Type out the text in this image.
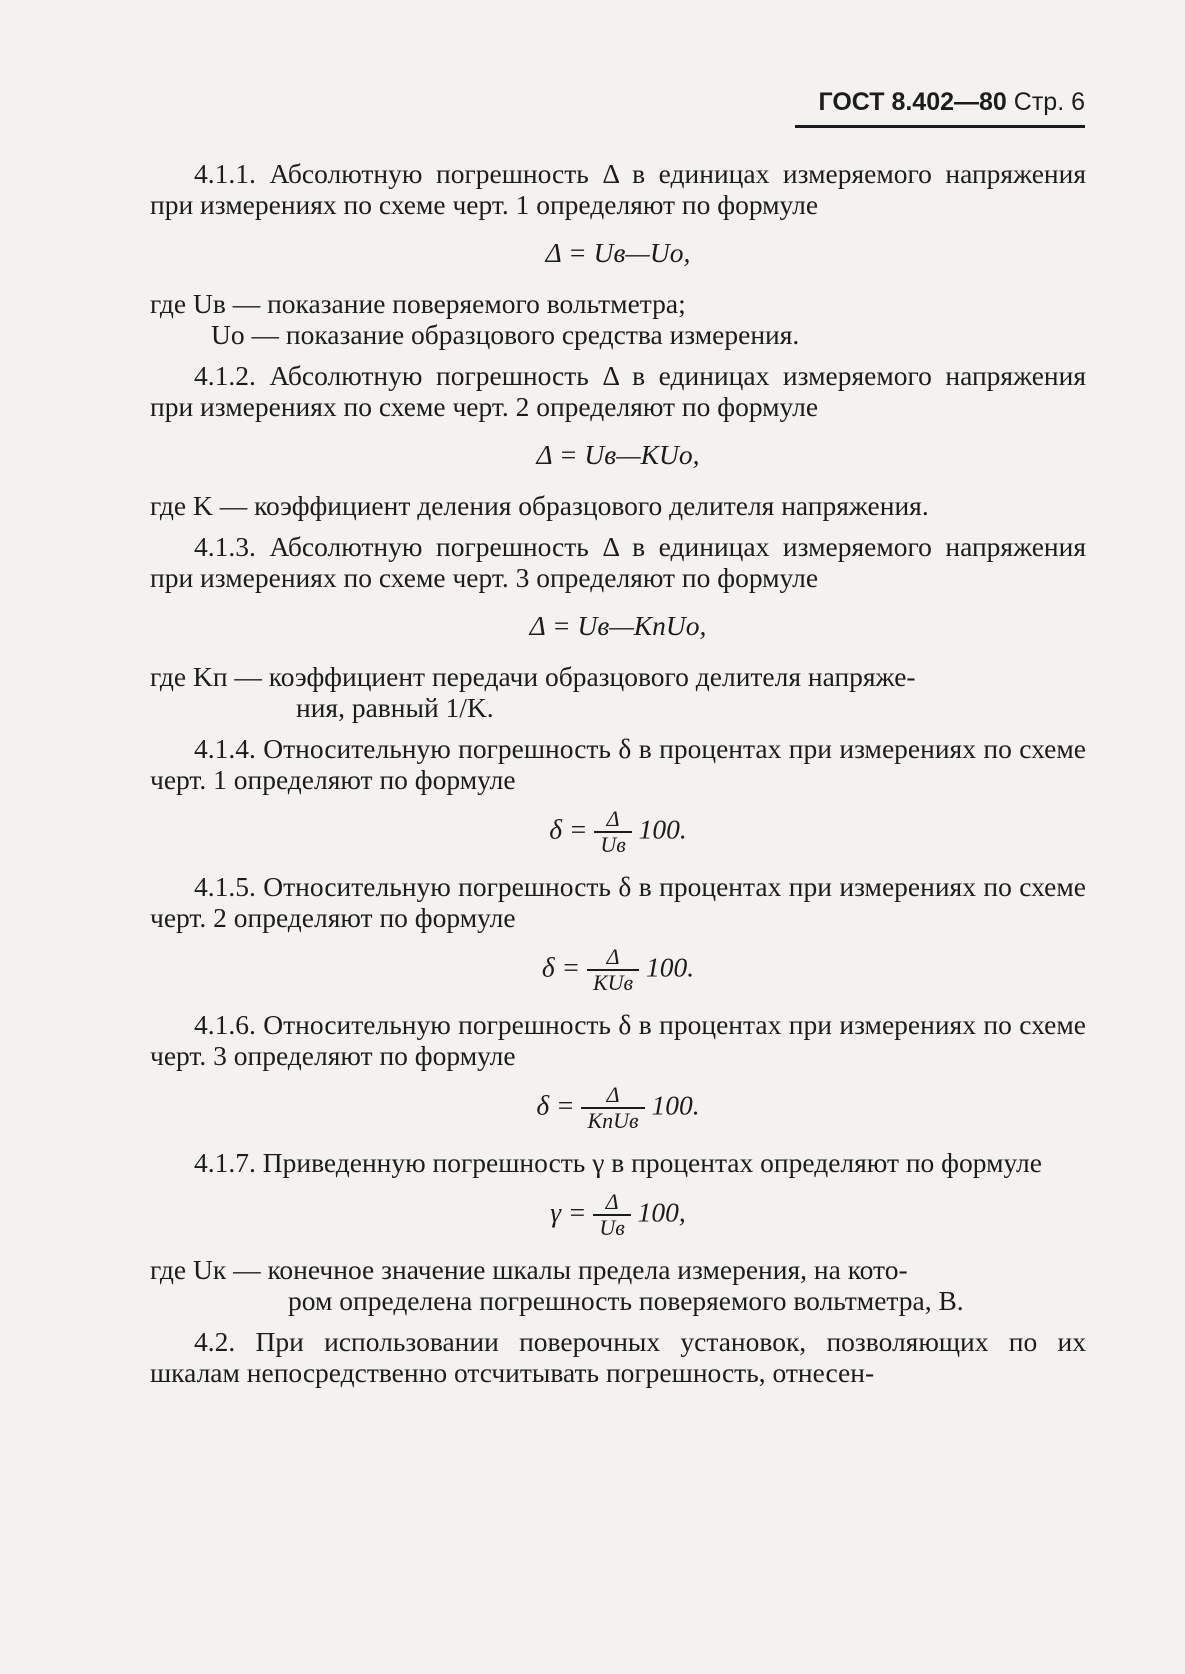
ГОСТ 8.402—80 Стр. 6

4.1.1. Абсолютную погрешность Δ в единицах измеряемого напряжения при измерениях по схеме черт. 1 определяют по формуле

Δ = Uв—Uо,

где Uв — показание поверяемого вольтметра;

Uо — показание образцового средства измерения.

4.1.2. Абсолютную погрешность Δ в единицах измеряемого напряжения при измерениях по схеме черт. 2 определяют по формуле

Δ = Uв—KUо,

где K — коэффициент деления образцового делителя напряжения.

4.1.3. Абсолютную погрешность Δ в единицах измеряемого напряжения при измерениях по схеме черт. 3 определяют по формуле

Δ = Uв—KпUо,

где Kп — коэффициент передачи образцового делителя напряже-

ния, равный 1/K.

4.1.4. Относительную погрешность δ в процентах при измерениях по схеме черт. 1 определяют по формуле

$\delta = \frac{\Delta}{Uв} 100$.

4.1.5. Относительную погрешность δ в процентах при измерениях по схеме черт. 2 определяют по формуле

$\delta = \frac{\Delta}{\text{KUв}} 100$.

4.1.6. Относительную погрешность δ в процентах при измерениях по схеме черт. 3 определяют по формуле

$\delta = \frac{\Delta}{\text{KпUв}} 100$.

4.1.7. Приведенную погрешность γ в процентах определяют по формуле

$\gamma = \frac{\Delta}{Uв} 100$,

где Uк — конечное значение шкалы предела измерения, на кото-

ром определена погрешность поверяемого вольтметра, В.

4.2. При использовании поверочных установок, позволяющих по их шкалам непосредственно отсчитывать погрешность, отнесен-
